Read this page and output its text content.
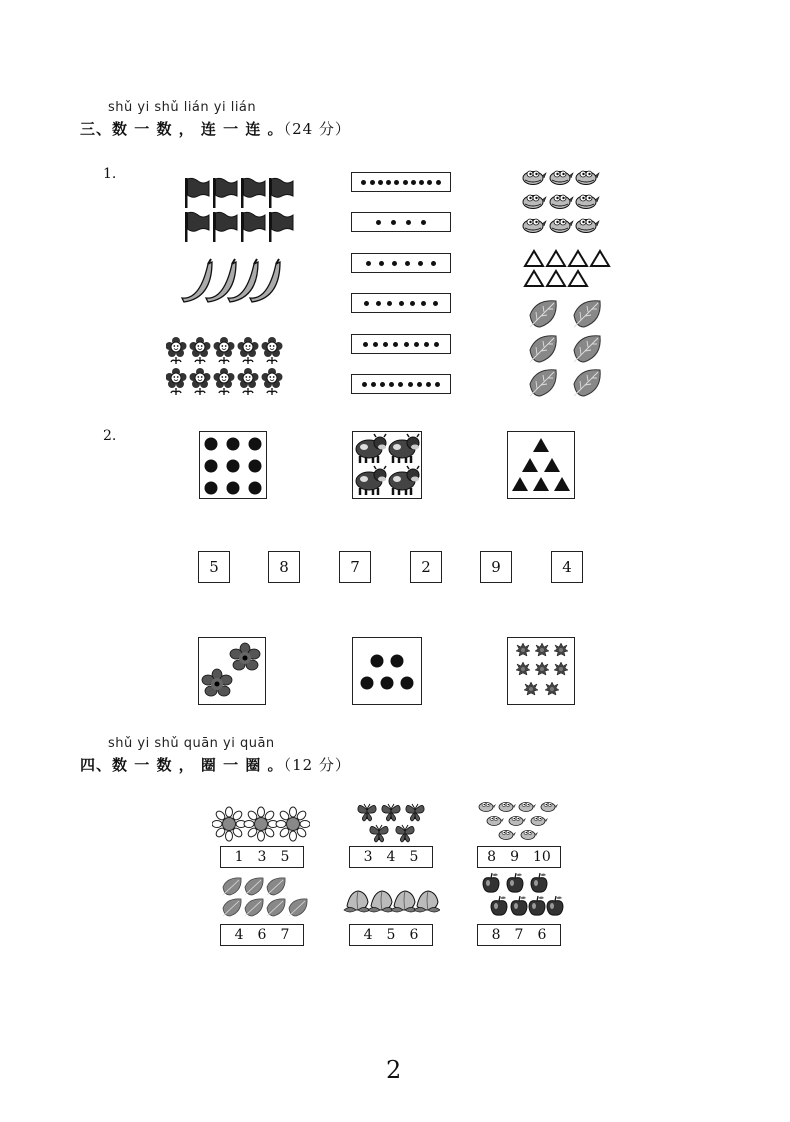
shǔ yi shǔ lián yi lián
三、数 一 数 ， 连 一 连 。（24 分）
1.
2.
5	8	7	2	9	4
shǔ yi shǔ quān yi quān
四、数 一 数 ， 圈 一 圈 。（12 分）
1 3 5	3 4 5	8 9 10
4 6 7	4 5 6	8 7 6
2
